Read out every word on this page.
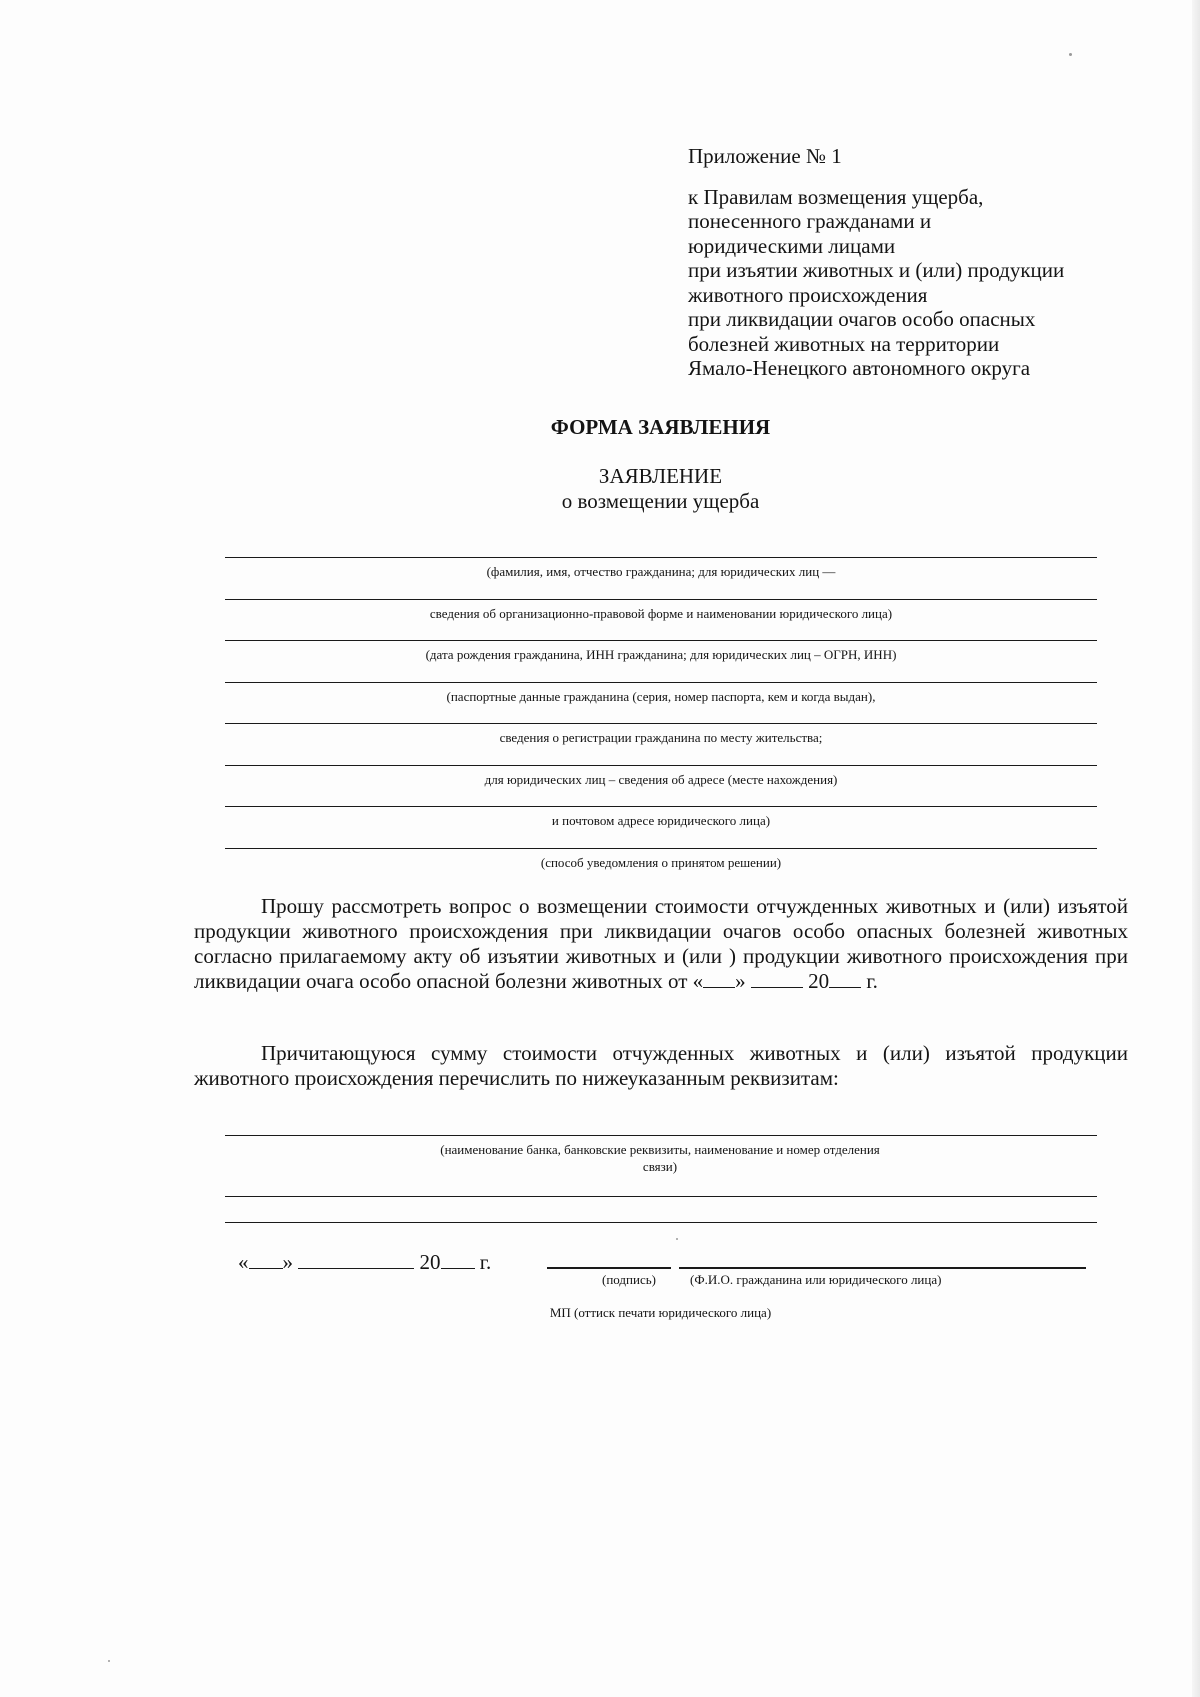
Приложение № 1
к Правилам возмещения ущерба,
понесенного гражданами и
юридическими лицами
при изъятии животных и (или) продукции
животного происхождения
при ликвидации очагов особо опасных
болезней животных на территории
Ямало-Ненецкого автономного округа
ФОРМА ЗАЯВЛЕНИЯ
ЗАЯВЛЕНИЕ
о возмещении ущерба
(фамилия, имя, отчество гражданина; для юридических лиц —
сведения об организационно-правовой форме и наименовании юридического лица)
(дата рождения гражданина, ИНН гражданина; для юридических лиц – ОГРН, ИНН)
(паспортные данные гражданина (серия, номер паспорта, кем и когда выдан),
сведения о регистрации гражданина по месту жительства;
для юридических лиц – сведения об адресе (месте нахождения)
и почтовом адресе юридического лица)
(способ уведомления о принятом решении)
Прошу рассмотреть вопрос о возмещении стоимости отчужденных животных и (или) изъятой продукции животного происхождения при ликвидации очагов особо опасных болезней животных согласно прилагаемому акту об изъятии животных и (или ) продукции животного происхождения при ликвидации очага особо опасной болезни животных от « »	20 г.
Причитающуюся сумму стоимости отчужденных животных и (или) изъятой продукции животного происхождения перечислить по нижеуказанным реквизитам:
(наименование банка, банковские реквизиты, наименование и номер отделения связи)
« »	20 г.
(подпись)	(Ф.И.О. гражданина или юридического лица)
МП (оттиск печати юридического лица)
